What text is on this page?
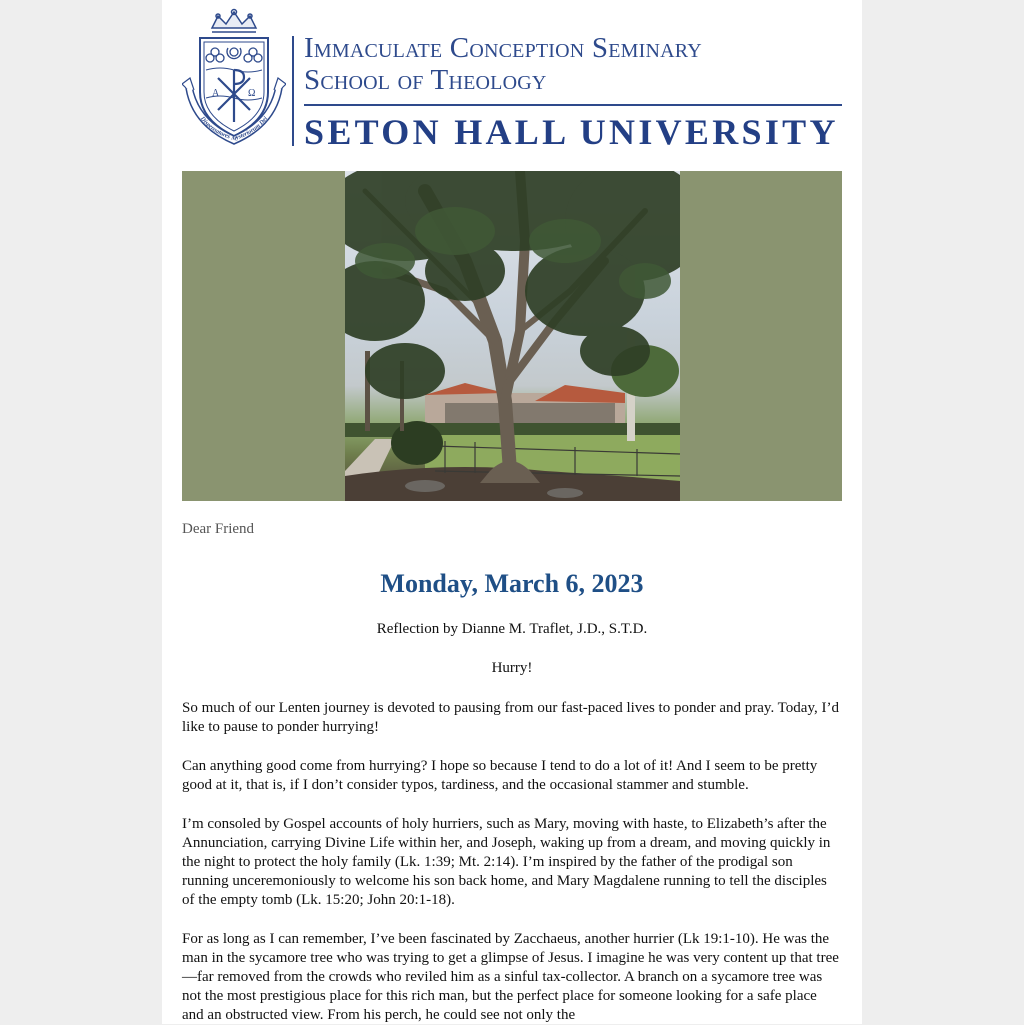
A	Ω
Dispensatores Mysteriorum Dei
Immaculate Conception Seminary
School of Theology
SETON HALL UNIVERSITY
Dear Friend
Monday, March 6, 2023
Reflection by Dianne M. Traflet, J.D., S.T.D.
Hurry!

So much of our Lenten journey is devoted to pausing from our fast-paced lives to ponder and pray. Today, I’d like to pause to ponder hurrying!

Can anything good come from hurrying? I hope so because I tend to do a lot of it! And I seem to be pretty good at it, that is, if I don’t consider typos, tardiness, and the occasional stammer and stumble.

I’m consoled by Gospel accounts of holy hurriers, such as Mary, moving with haste, to Elizabeth’s after the Annunciation, carrying Divine Life within her, and Joseph, waking up from a dream, and moving quickly in the night to protect the holy family (Lk. 1:39; Mt. 2:14). I’m inspired by the father of the prodigal son running unceremoniously to welcome his son back home, and Mary Magdalene running to tell the disciples of the empty tomb (Lk. 15:20; John 20:1-18).

For as long as I can remember, I’ve been fascinated by Zacchaeus, another hurrier (Lk 19:1-10). He was the man in the sycamore tree who was trying to get a glimpse of Jesus. I imagine he was very content up that tree—far removed from the crowds who reviled him as a sinful tax-collector. A branch on a sycamore tree was not the most prestigious place for this rich man, but the perfect place for someone looking for a safe place and an obstructed view. From his perch, he could see not only the
